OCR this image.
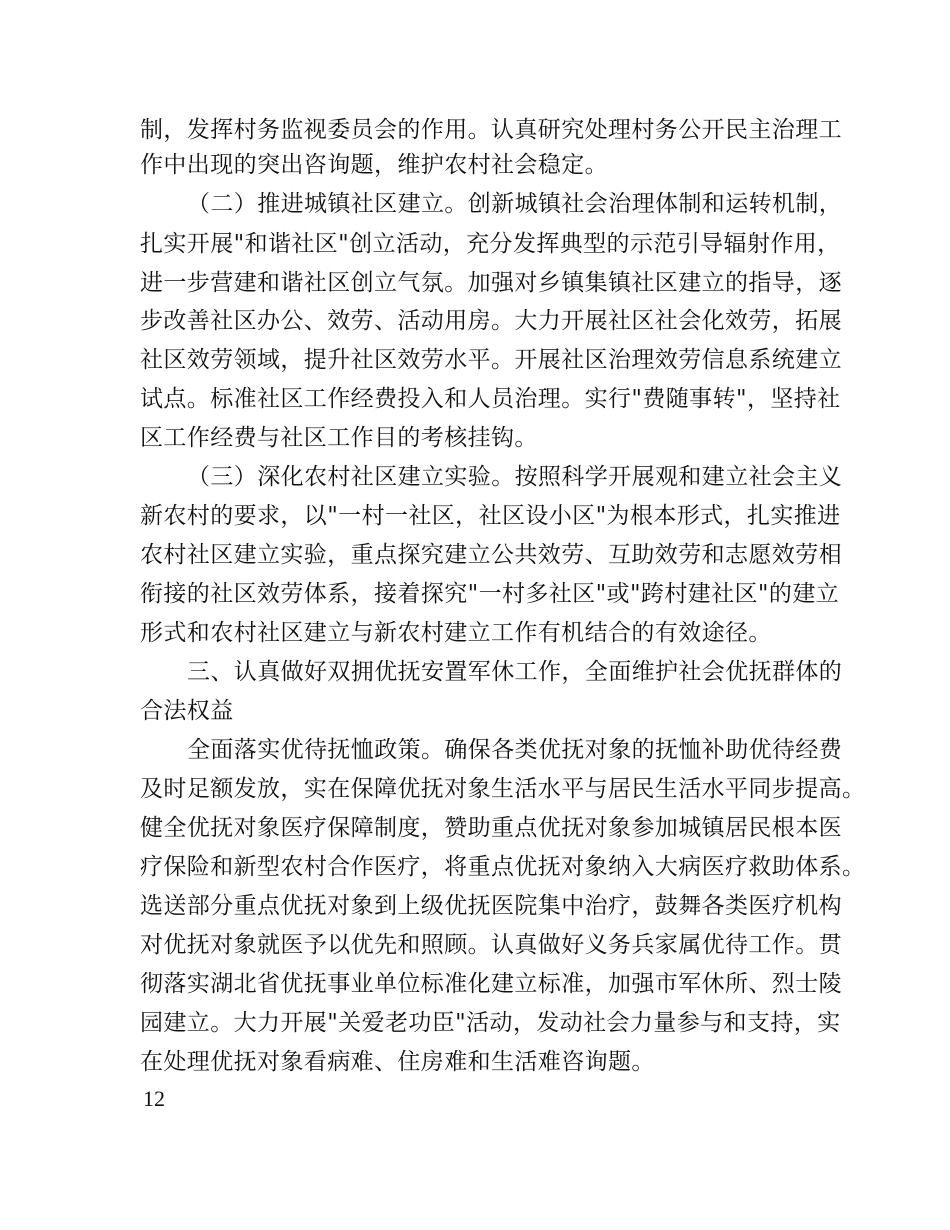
制，发挥村务监视委员会的作用。认真研究处理村务公开民主治理工
作中出现的突出咨询题，维护农村社会稳定。
（二）推进城镇社区建立。创新城镇社会治理体制和运转机制，
扎实开展"和谐社区"创立活动，充分发挥典型的示范引导辐射作用，
进一步营建和谐社区创立气氛。加强对乡镇集镇社区建立的指导，逐
步改善社区办公、效劳、活动用房。大力开展社区社会化效劳，拓展
社区效劳领域，提升社区效劳水平。开展社区治理效劳信息系统建立
试点。标准社区工作经费投入和人员治理。实行"费随事转"，坚持社
区工作经费与社区工作目的考核挂钩。
（三）深化农村社区建立实验。按照科学开展观和建立社会主义
新农村的要求，以"一村一社区，社区设小区"为根本形式，扎实推进
农村社区建立实验，重点探究建立公共效劳、互助效劳和志愿效劳相
衔接的社区效劳体系，接着探究"一村多社区"或"跨村建社区"的建立
形式和农村社区建立与新农村建立工作有机结合的有效途径。
三、认真做好双拥优抚安置军休工作，全面维护社会优抚群体的
合法权益
全面落实优待抚恤政策。确保各类优抚对象的抚恤补助优待经费
及时足额发放，实在保障优抚对象生活水平与居民生活水平同步提高。
健全优抚对象医疗保障制度，赞助重点优抚对象参加城镇居民根本医
疗保险和新型农村合作医疗，将重点优抚对象纳入大病医疗救助体系。
选送部分重点优抚对象到上级优抚医院集中治疗，鼓舞各类医疗机构
对优抚对象就医予以优先和照顾。认真做好义务兵家属优待工作。贯
彻落实湖北省优抚事业单位标准化建立标准，加强市军休所、烈士陵
园建立。大力开展"关爱老功臣"活动，发动社会力量参与和支持，实
在处理优抚对象看病难、住房难和生活难咨询题。
12
